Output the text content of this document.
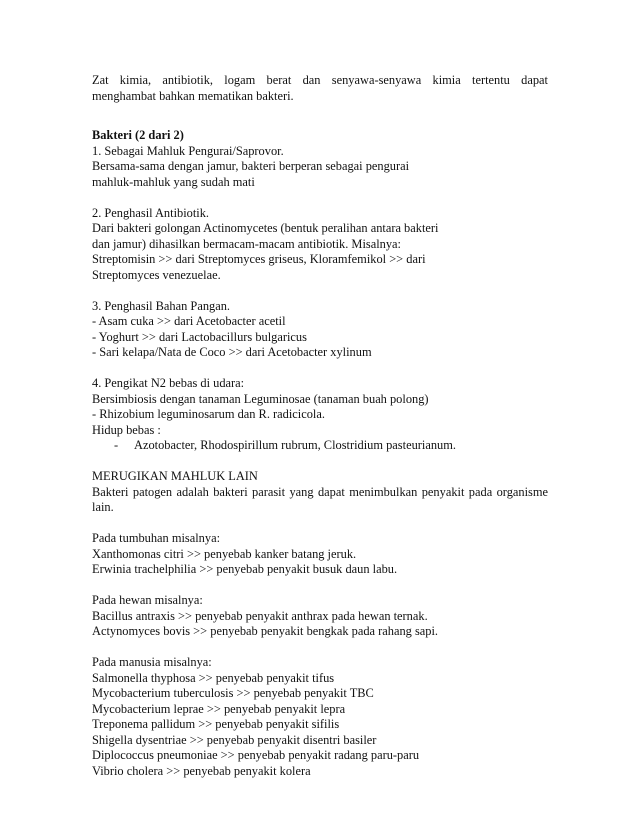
Zat kimia, antibiotik, logam berat dan senyawa-senyawa kimia tertentu dapat

menghambat bahkan mematikan bakteri.

Bakteri (2 dari 2)

1. Sebagai Mahluk Pengurai/Saprovor.

Bersama-sama dengan jamur, bakteri berperan sebagai pengurai

mahluk-mahluk yang sudah mati

2. Penghasil Antibiotik.

Dari bakteri golongan Actinomycetes (bentuk peralihan antara bakteri

dan jamur) dihasilkan bermacam-macam antibiotik. Misalnya:

Streptomisin >> dari Streptomyces griseus, Kloramfemikol >> dari

Streptomyces venezuelae.

3. Penghasil Bahan Pangan.

- Asam cuka >> dari Acetobacter acetil

- Yoghurt >> dari Lactobacillurs bulgaricus

- Sari kelapa/Nata de Coco >> dari Acetobacter xylinum

4. Pengikat N2 bebas di udara:

Bersimbiosis dengan tanaman Leguminosae (tanaman buah polong)

- Rhizobium leguminosarum dan R. radicicola.

Hidup bebas :

- Azotobacter, Rhodospirillum rubrum, Clostridium pasteurianum.

MERUGIKAN MAHLUK LAIN

Bakteri patogen adalah bakteri parasit yang dapat menimbulkan penyakit pada organisme

lain.

Pada tumbuhan misalnya:

Xanthomonas citri >> penyebab kanker batang jeruk.

Erwinia trachelphilia >> penyebab penyakit busuk daun labu.

Pada hewan misalnya:

Bacillus antraxis >> penyebab penyakit anthrax pada hewan ternak.

Actynomyces bovis >> penyebab penyakit bengkak pada rahang sapi.

Pada manusia misalnya:

Salmonella thyphosa >> penyebab penyakit tifus

Mycobacterium tuberculosis >> penyebab penyakit TBC

Mycobacterium leprae >> penyebab penyakit lepra

Treponema pallidum >> penyebab penyakit sifilis

Shigella dysentriae >> penyebab penyakit disentri basiler

Diplococcus pneumoniae >> penyebab penyakit radang paru-paru

Vibrio cholera >> penyebab penyakit kolera
